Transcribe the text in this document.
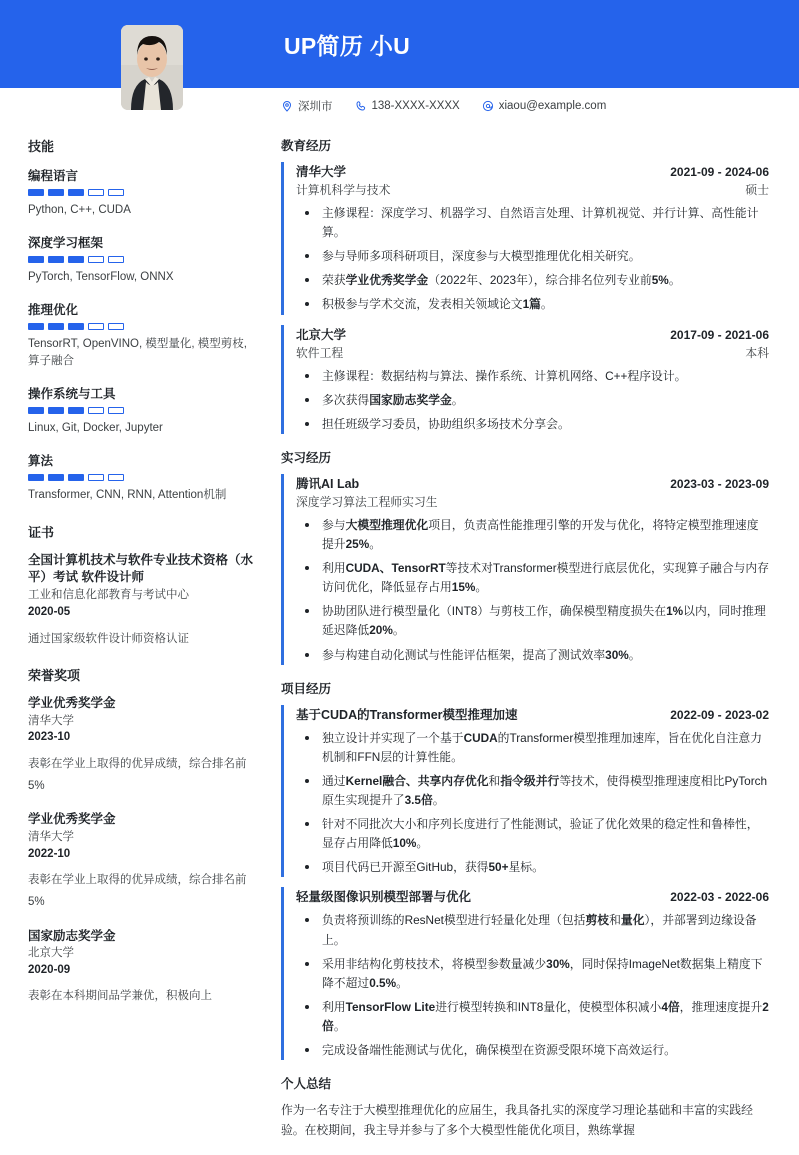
UP简历 小U
深圳市	138-XXXX-XXXX	xiaou@example.com
技能
编程语言
Python, C++, CUDA
深度学习框架
PyTorch, TensorFlow, ONNX
推理优化
TensorRT, OpenVINO, 模型量化, 模型剪枝, 算子融合
操作系统与工具
Linux, Git, Docker, Jupyter
算法
Transformer, CNN, RNN, Attention机制
证书
全国计算机技术与软件专业技术资格（水平）考试 软件设计师
工业和信息化部教育与考试中心
2020-05
通过国家级软件设计师资格认证
荣誉奖项
学业优秀奖学金
清华大学
2023-10
表彰在学业上取得的优异成绩，综合排名前5%
学业优秀奖学金
清华大学
2022-10
表彰在学业上取得的优异成绩，综合排名前5%
国家励志奖学金
北京大学
2020-09
表彰在本科期间品学兼优，积极向上
教育经历
清华大学	2021-09 - 2024-06
计算机科学与技术	硕士
主修课程：深度学习、机器学习、自然语言处理、计算机视觉、并行计算、高性能计算。
参与导师多项科研项目，深度参与大模型推理优化相关研究。
荣获学业优秀奖学金（2022年、2023年），综合排名位列专业前5%。
积极参与学术交流，发表相关领域论文1篇。
北京大学	2017-09 - 2021-06
软件工程	本科
主修课程：数据结构与算法、操作系统、计算机网络、C++程序设计。
多次获得国家励志奖学金。
担任班级学习委员，协助组织多场技术分享会。
实习经历
腾讯AI Lab	2023-03 - 2023-09
深度学习算法工程师实习生
参与大模型推理优化项目，负责高性能推理引擎的开发与优化，将特定模型推理速度提升25%。
利用CUDA、TensorRT等技术对Transformer模型进行底层优化，实现算子融合与内存访问优化，降低显存占用15%。
协助团队进行模型量化（INT8）与剪枝工作，确保模型精度损失在1%以内，同时推理延迟降低20%。
参与构建自动化测试与性能评估框架，提高了测试效率30%。
项目经历
基于CUDA的Transformer模型推理加速	2022-09 - 2023-02
独立设计并实现了一个基于CUDA的Transformer模型推理加速库，旨在优化自注意力机制和FFN层的计算性能。
通过Kernel融合、共享内存优化和指令级并行等技术，使得模型推理速度相比PyTorch原生实现提升了3.5倍。
针对不同批次大小和序列长度进行了性能测试，验证了优化效果的稳定性和鲁棒性，显存占用降低10%。
项目代码已开源至GitHub，获得50+星标。
轻量级图像识别模型部署与优化	2022-03 - 2022-06
负责将预训练的ResNet模型进行轻量化处理（包括剪枝和量化），并部署到边缘设备上。
采用非结构化剪枝技术，将模型参数量减少30%，同时保持ImageNet数据集上精度下降不超过0.5%。
利用TensorFlow Lite进行模型转换和INT8量化，使模型体积减小4倍，推理速度提升2倍。
完成设备端性能测试与优化，确保模型在资源受限环境下高效运行。
个人总结
作为一名专注于大模型推理优化的应届生，我具备扎实的深度学习理论基础和丰富的实践经验。在校期间，我主导并参与了多个大模型性能优化项目，熟练掌握
